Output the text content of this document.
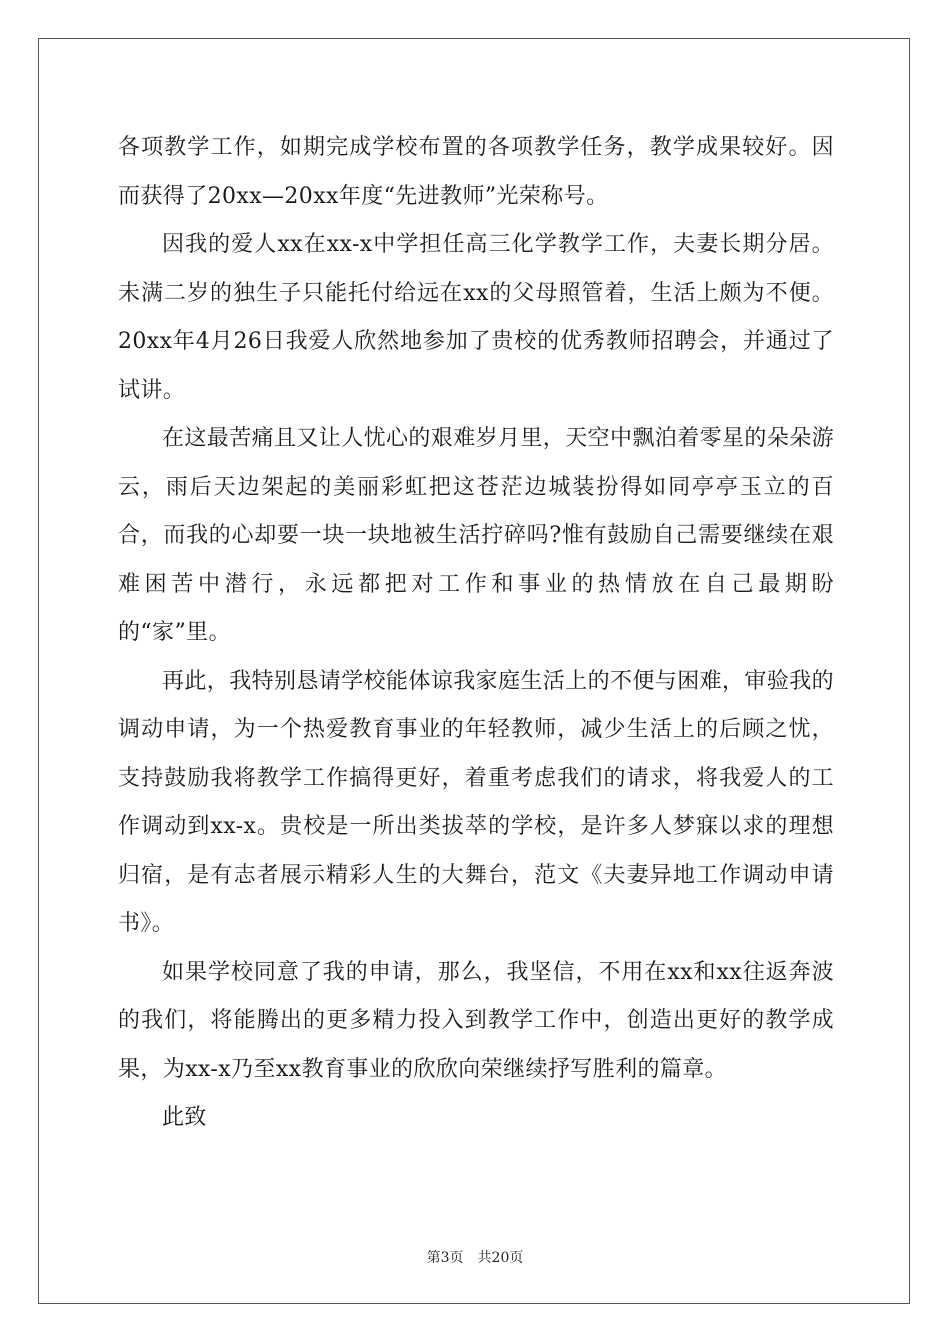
各项教学工作，如期完成学校布置的各项教学任务，教学成果较好。因而获得了20xx—20xx年度“先进教师”光荣称号。

因我的爱人xx在xx-x中学担任高三化学教学工作，夫妻长期分居。未满二岁的独生子只能托付给远在xx的父母照管着，生活上颇为不便。 20xx年4月26日我爱人欣然地参加了贵校的优秀教师招聘会，并通过了试讲。

在这最苦痛且又让人忧心的艰难岁月里，天空中飘泊着零星的朵朵游云，雨后天边架起的美丽彩虹把这苍茫边城装扮得如同亭亭玉立的百合，而我的心却要一块一块地被生活拧碎吗?惟有鼓励自己需要继续在艰难困苦中潜行，永远都把对工作和事业的热情放在自己最期盼的“家”里。

再此，我特别恳请学校能体谅我家庭生活上的不便与困难，审验我的调动申请，为一个热爱教育事业的年轻教师，减少生活上的后顾之忧，支持鼓励我将教学工作搞得更好，着重考虑我们的请求，将我爱人的工作调动到xx-x。贵校是一所出类拔萃的学校，是许多人梦寐以求的理想归宿，是有志者展示精彩人生的大舞台，范文《夫妻异地工作调动申请书》。

如果学校同意了我的申请，那么，我坚信，不用在xx和xx往返奔波的我们，将能腾出的更多精力投入到教学工作中，创造出更好的教学成果，为xx-x乃至xx教育事业的欣欣向荣继续抒写胜利的篇章。

此致

第3页 共20页
